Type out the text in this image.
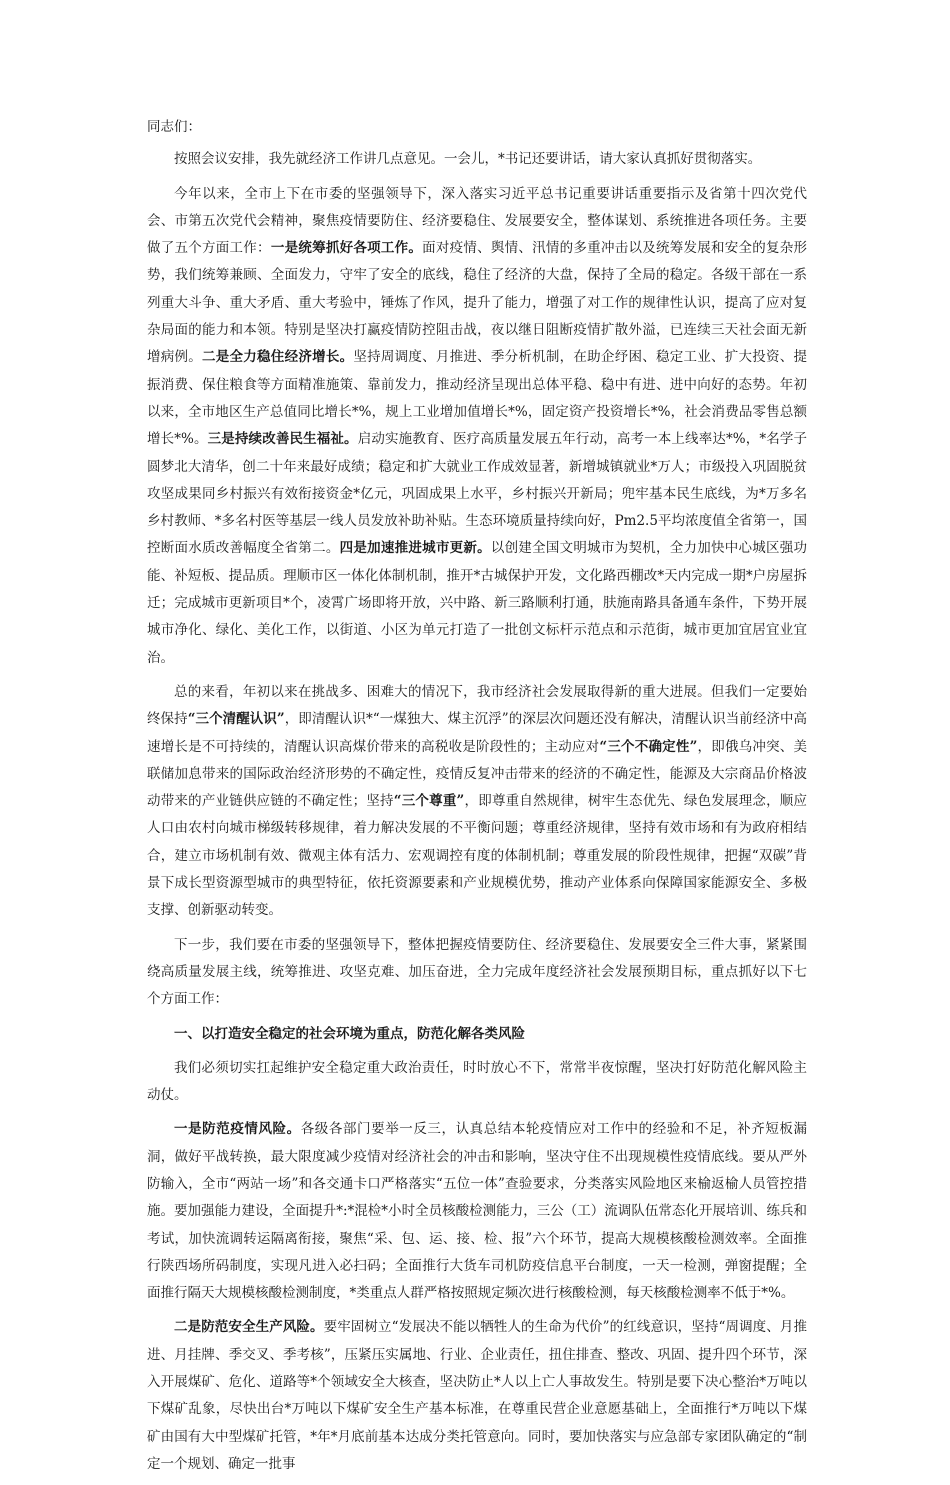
同志们：

按照会议安排，我先就经济工作讲几点意见。一会儿，*书记还要讲话，请大家认真抓好贯彻落实。

今年以来，全市上下在市委的坚强领导下，深入落实习近平总书记重要讲话重要指示及省第十四次党代会、市第五次党代会精神，聚焦疫情要防住、经济要稳住、发展要安全，整体谋划、系统推进各项任务。主要做了五个方面工作：一是统筹抓好各项工作。面对疫情、舆情、汛情的多重冲击以及统筹发展和安全的复杂形势，我们统筹兼顾、全面发力，守牢了安全的底线，稳住了经济的大盘，保持了全局的稳定。各级干部在一系列重大斗争、重大矛盾、重大考验中，锤炼了作风，提升了能力，增强了对工作的规律性认识，提高了应对复杂局面的能力和本领。特别是坚决打赢疫情防控阻击战，夜以继日阻断疫情扩散外溢，已连续三天社会面无新增病例。二是全力稳住经济增长。坚持周调度、月推进、季分析机制，在助企纾困、稳定工业、扩大投资、提振消费、保住粮食等方面精准施策、靠前发力，推动经济呈现出总体平稳、稳中有进、进中向好的态势。年初以来，全市地区生产总值同比增长*%，规上工业增加值增长*%，固定资产投资增长*%，社会消费品零售总额增长*%。三是持续改善民生福祉。启动实施教育、医疗高质量发展五年行动，高考一本上线率达*%，*名学子圆梦北大清华，创二十年来最好成绩；稳定和扩大就业工作成效显著，新增城镇就业*万人；市级投入巩固脱贫攻坚成果同乡村振兴有效衔接资金*亿元，巩固成果上水平，乡村振兴开新局；兜牢基本民生底线，为*万多名乡村教师、*多名村医等基层一线人员发放补助补贴。生态环境质量持续向好，Pm2.5平均浓度值全省第一，国控断面水质改善幅度全省第二。四是加速推进城市更新。以创建全国文明城市为契机，全力加快中心城区强功能、补短板、提品质。理顺市区一体化体制机制，推开*古城保护开发，文化路西棚改*天内完成一期*户房屋拆迁；完成城市更新项目*个，凌霄广场即将开放，兴中路、新三路顺利打通，肤施南路具备通车条件，下势开展城市净化、绿化、美化工作，以街道、小区为单元打造了一批创文标杆示范点和示范街，城市更加宜居宜业宜治。

总的来看，年初以来在挑战多、困难大的情况下，我市经济社会发展取得新的重大进展。但我们一定要始终保持“三个清醒认识”，即清醒认识*“一煤独大、煤主沉浮”的深层次问题还没有解决，清醒认识当前经济中高速增长是不可持续的，清醒认识高煤价带来的高税收是阶段性的；主动应对“三个不确定性”，即俄乌冲突、美联储加息带来的国际政治经济形势的不确定性，疫情反复冲击带来的经济的不确定性，能源及大宗商品价格波动带来的产业链供应链的不确定性；坚持“三个尊重”，即尊重自然规律，树牢生态优先、绿色发展理念，顺应人口由农村向城市梯级转移规律，着力解决发展的不平衡问题；尊重经济规律，坚持有效市场和有为政府相结合，建立市场机制有效、微观主体有活力、宏观调控有度的体制机制；尊重发展的阶段性规律，把握“双碳”背景下成长型资源型城市的典型特征，依托资源要素和产业规模优势，推动产业体系向保障国家能源安全、多极支撑、创新驱动转变。

下一步，我们要在市委的坚强领导下，整体把握疫情要防住、经济要稳住、发展要安全三件大事，紧紧围绕高质量发展主线，统筹推进、攻坚克难、加压奋进，全力完成年度经济社会发展预期目标，重点抓好以下七个方面工作：

一、以打造安全稳定的社会环境为重点，防范化解各类风险

我们必须切实扛起维护安全稳定重大政治责任，时时放心不下，常常半夜惊醒，坚决打好防范化解风险主动仗。

一是防范疫情风险。各级各部门要举一反三，认真总结本轮疫情应对工作中的经验和不足，补齐短板漏洞，做好平战转换，最大限度减少疫情对经济社会的冲击和影响，坚决守住不出现规模性疫情底线。要从严外防输入，全市“两站一场”和各交通卡口严格落实“五位一体”查验要求，分类落实风险地区来榆返榆人员管控措施。要加强能力建设，全面提升*:*混检*小时全员核酸检测能力，三公（工）流调队伍常态化开展培训、练兵和考试，加快流调转运隔离衔接，聚焦“采、包、运、接、检、报”六个环节，提高大规模核酸检测效率。全面推行陕西场所码制度，实现凡进入必扫码；全面推行大货车司机防疫信息平台制度，一天一检测，弹窗提醒；全面推行隔天大规模核酸检测制度，*类重点人群严格按照规定频次进行核酸检测，每天核酸检测率不低于*%。

二是防范安全生产风险。要牢固树立“发展决不能以牺牲人的生命为代价”的红线意识，坚持“周调度、月推进、月挂牌、季交叉、季考核”，压紧压实属地、行业、企业责任，扭住排查、整改、巩固、提升四个环节，深入开展煤矿、危化、道路等*个领域安全大核查，坚决防止*人以上亡人事故发生。特别是要下决心整治*万吨以下煤矿乱象，尽快出台*万吨以下煤矿安全生产基本标准，在尊重民营企业意愿基础上，全面推行*万吨以下煤矿由国有大中型煤矿托管，*年*月底前基本达成分类托管意向。同时，要加快落实与应急部专家团队确定的“制定一个规划、确定一批事
